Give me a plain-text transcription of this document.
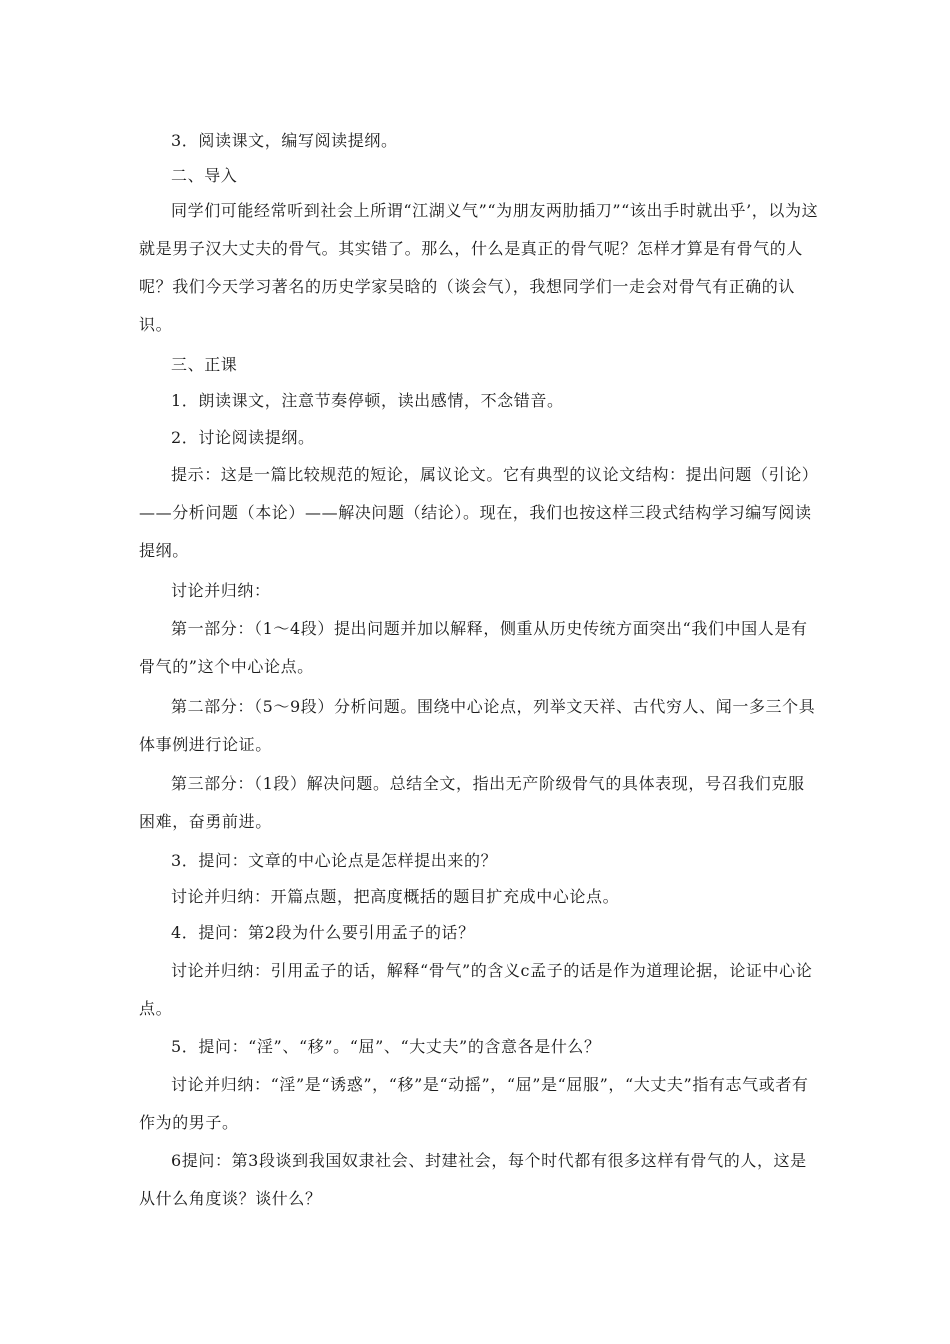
3．阅读课文，编写阅读提纲。
二、导入
同学们可能经常听到社会上所谓“江湖义气”“为朋友两肋插刀”“该出手时就出乎’，以为这就是男子汉大丈夫的骨气。其实错了。那么，什么是真正的骨气呢？怎样才算是有骨气的人呢？我们今天学习著名的历史学家吴晗的（谈会气），我想同学们一走会对骨气有正确的认识。
三、正课
1．朗读课文，注意节奏停顿，读出感情，不念错音。
2．讨论阅读提纲。
提示：这是一篇比较规范的短论，属议论文。它有典型的议论文结构：提出问题（引论）——分析问题（本论）——解决问题（结论）。现在，我们也按这样三段式结构学习编写阅读提纲。
讨论并归纳：
第一部分：（1～4段）提出问题并加以解释，侧重从历史传统方面突出“我们中国人是有骨气的”这个中心论点。
第二部分：（5～9段）分析问题。围绕中心论点，列举文天祥、古代穷人、闻一多三个具体事例进行论证。
第三部分：（1段）解决问题。总结全文，指出无产阶级骨气的具体表现，号召我们克服困难，奋勇前进。
3．提问：文章的中心论点是怎样提出来的？
讨论并归纳：开篇点题，把高度概括的题目扩充成中心论点。
4．提问：第2段为什么要引用孟子的话？
讨论并归纳：引用孟子的话，解释“骨气”的含义c孟子的话是作为道理论据，论证中心论点。
5．提问：“淫”、“移”。“屈”、“大丈夫”的含意各是什么？
讨论并归纳：“淫”是“诱惑”，“移”是“动摇”，“屈”是“屈服”，“大丈夫”指有志气或者有作为的男子。
6提问：第3段谈到我国奴隶社会、封建社会，每个时代都有很多这样有骨气的人，这是从什么角度谈？谈什么？
